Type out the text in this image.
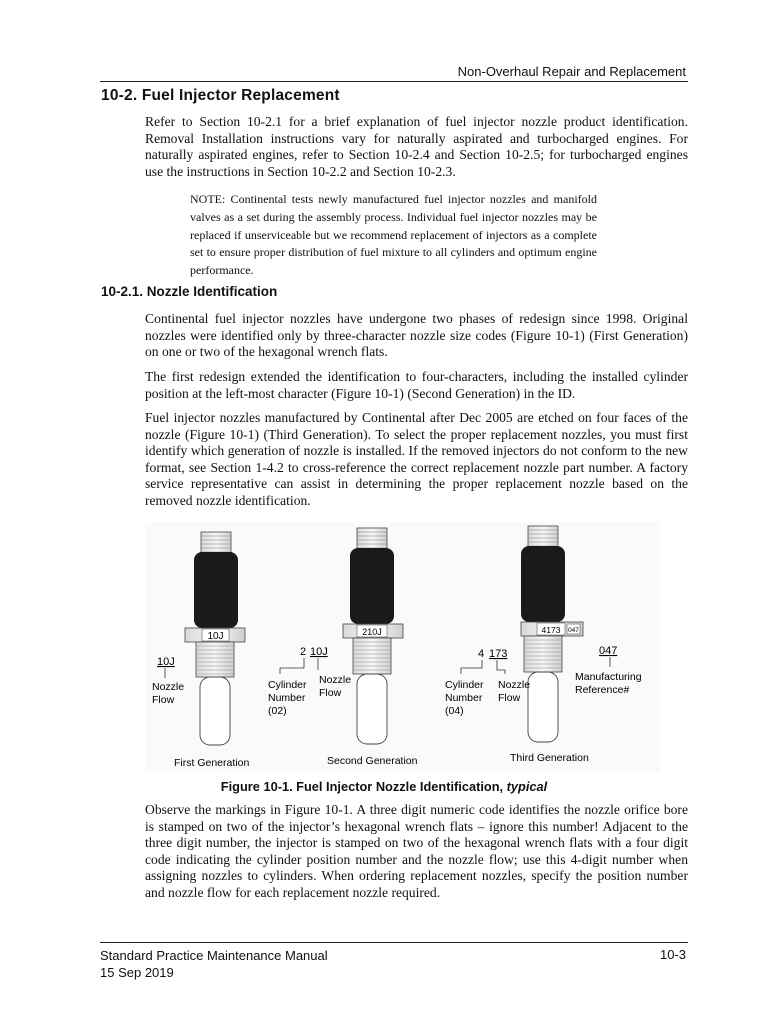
Non-Overhaul Repair and Replacement
10-2. Fuel Injector Replacement

Refer to Section 10-2.1 for a brief explanation of fuel injector nozzle product identification. Removal Installation instructions vary for naturally aspirated and turbocharged engines. For naturally aspirated engines, refer to Section 10-2.4 and Section 10-2.5; for turbocharged engines use the instructions in Section 10-2.2 and Section 10-2.3.

NOTE: Continental tests newly manufactured fuel injector nozzles and manifold valves as a set during the assembly process. Individual fuel injector nozzles may be replaced if unserviceable but we recommend replacement of injectors as a complete set to ensure proper distribution of fuel mixture to all cylinders and optimum engine performance.

10-2.1. Nozzle Identification

Continental fuel injector nozzles have undergone two phases of redesign since 1998. Original nozzles were identified only by three-character nozzle size codes (Figure 10-1) (First Generation) on one or two of the hexagonal wrench flats.

The first redesign extended the identification to four-characters, including the installed cylinder position at the left-most character (Figure 10-1) (Second Generation) in the ID.

Fuel injector nozzles manufactured by Continental after Dec 2005 are etched on four faces of the nozzle (Figure 10-1) (Third Generation). To select the proper replacement nozzles, you must first identify which generation of nozzle is installed. If the removed injectors do not conform to the new format, see Section 1-4.2 to cross-reference the correct replacement nozzle part number. A factory service representative can assist in determining the proper replacement nozzle based on the removed nozzle identification.

10J
10J
Nozzle
Flow
First Generation
210J
2 10J
Cylinder
Number
(02)
Nozzle
Flow
Second Generation
4173 047
4 173
Cylinder
Number
(04)
Nozzle
Flow
047
Manufacturing
Reference#
Third Generation
Figure 10-1. Fuel Injector Nozzle Identification, typical

Observe the markings in Figure 10-1. A three digit numeric code identifies the nozzle orifice bore is stamped on two of the injector’s hexagonal wrench flats – ignore this number! Adjacent to the three digit number, the injector is stamped on two of the hexagonal wrench flats with a four digit code indicating the cylinder position number and the nozzle flow; use this 4-digit number when assigning nozzles to cylinders. When ordering replacement nozzles, specify the position number and nozzle flow for each replacement nozzle required.

Standard Practice Maintenance Manual
15 Sep 2019
10-3
